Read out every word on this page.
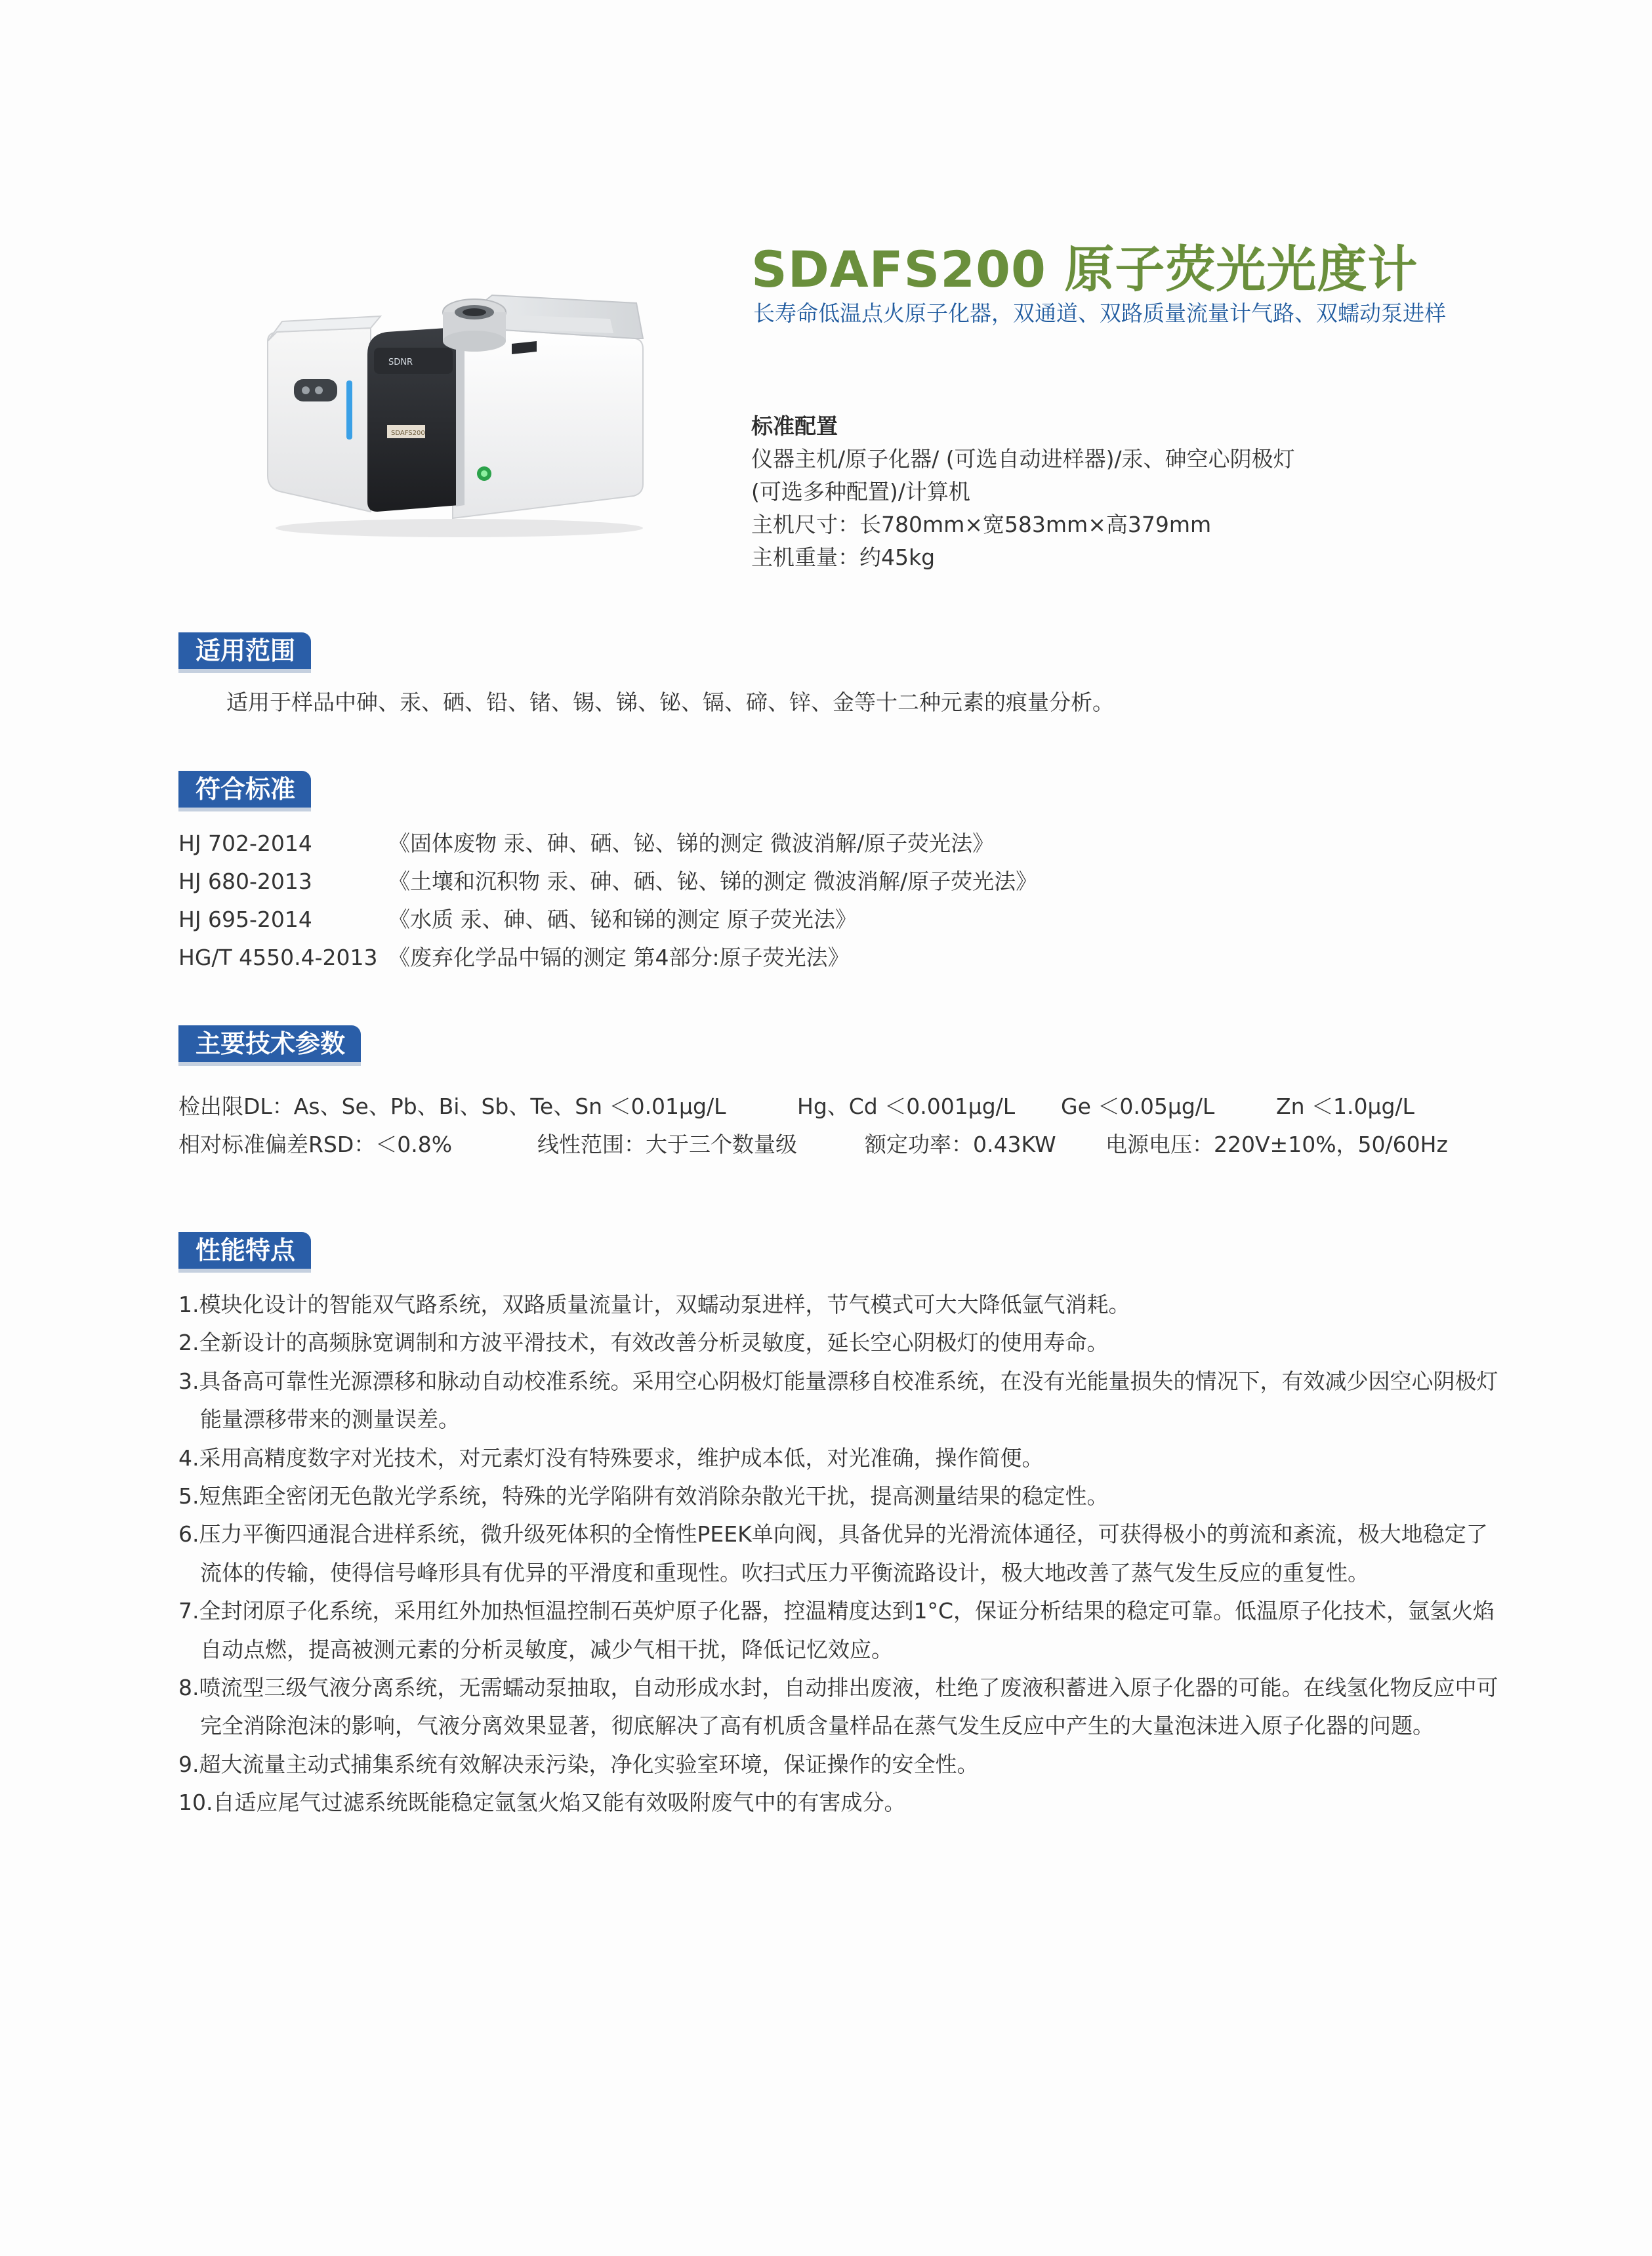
SDNR
SDAFS200
SDAFS200 原子荧光光度计
长寿命低温点火原子化器，双通道、双路质量流量计气路、双蠕动泵进样
标准配置
仪器主机/原子化器/ (可选自动进样器)/汞、砷空心阴极灯
(可选多种配置)/计算机
主机尺寸：长780mm×宽583mm×高379mm
主机重量：约45kg
适用范围
适用于样品中砷、汞、硒、铅、锗、锡、锑、铋、镉、碲、锌、金等十二种元素的痕量分析。
符合标准
HJ 702-2014	《固体废物 汞、砷、硒、铋、锑的测定 微波消解/原子荧光法》
HJ 680-2013	《土壤和沉积物 汞、砷、硒、铋、锑的测定 微波消解/原子荧光法》
HJ 695-2014	《水质 汞、砷、硒、铋和锑的测定 原子荧光法》
HG/T 4550.4-2013 《废弃化学品中镉的测定 第4部分:原子荧光法》
主要技术参数
检出限DL：As、Se、Pb、Bi、Sb、Te、Sn ＜0.01μg/L	Hg、Cd ＜0.001μg/L Ge ＜0.05μg/L	Zn ＜1.0μg/L
相对标准偏差RSD：＜0.8%	线性范围：大于三个数量级	额定功率：0.43KW 电源电压：220V±10%，50/60Hz
性能特点
1.模块化设计的智能双气路系统，双路质量流量计，双蠕动泵进样，节气模式可大大降低氩气消耗。
2.全新设计的高频脉宽调制和方波平滑技术，有效改善分析灵敏度，延长空心阴极灯的使用寿命。
3.具备高可靠性光源漂移和脉动自动校准系统。采用空心阴极灯能量漂移自校准系统，在没有光能量损失的情况下，有效减少因空心阴极灯能量漂移带来的测量误差。
4.采用高精度数字对光技术，对元素灯没有特殊要求，维护成本低，对光准确，操作简便。
5.短焦距全密闭无色散光学系统，特殊的光学陷阱有效消除杂散光干扰，提高测量结果的稳定性。
6.压力平衡四通混合进样系统，微升级死体积的全惰性PEEK单向阀，具备优异的光滑流体通径，可获得极小的剪流和紊流，极大地稳定了流体的传输，使得信号峰形具有优异的平滑度和重现性。吹扫式压力平衡流路设计，极大地改善了蒸气发生反应的重复性。
7.全封闭原子化系统，采用红外加热恒温控制石英炉原子化器，控温精度达到1°C，保证分析结果的稳定可靠。低温原子化技术，氩氢火焰自动点燃，提高被测元素的分析灵敏度，减少气相干扰，降低记忆效应。
8.喷流型三级气液分离系统，无需蠕动泵抽取，自动形成水封，自动排出废液，杜绝了废液积蓄进入原子化器的可能。在线氢化物反应中可完全消除泡沫的影响，气液分离效果显著，彻底解决了高有机质含量样品在蒸气发生反应中产生的大量泡沫进入原子化器的问题。
9.超大流量主动式捕集系统有效解决汞污染，净化实验室环境，保证操作的安全性。
10.自适应尾气过滤系统既能稳定氩氢火焰又能有效吸附废气中的有害成分。
